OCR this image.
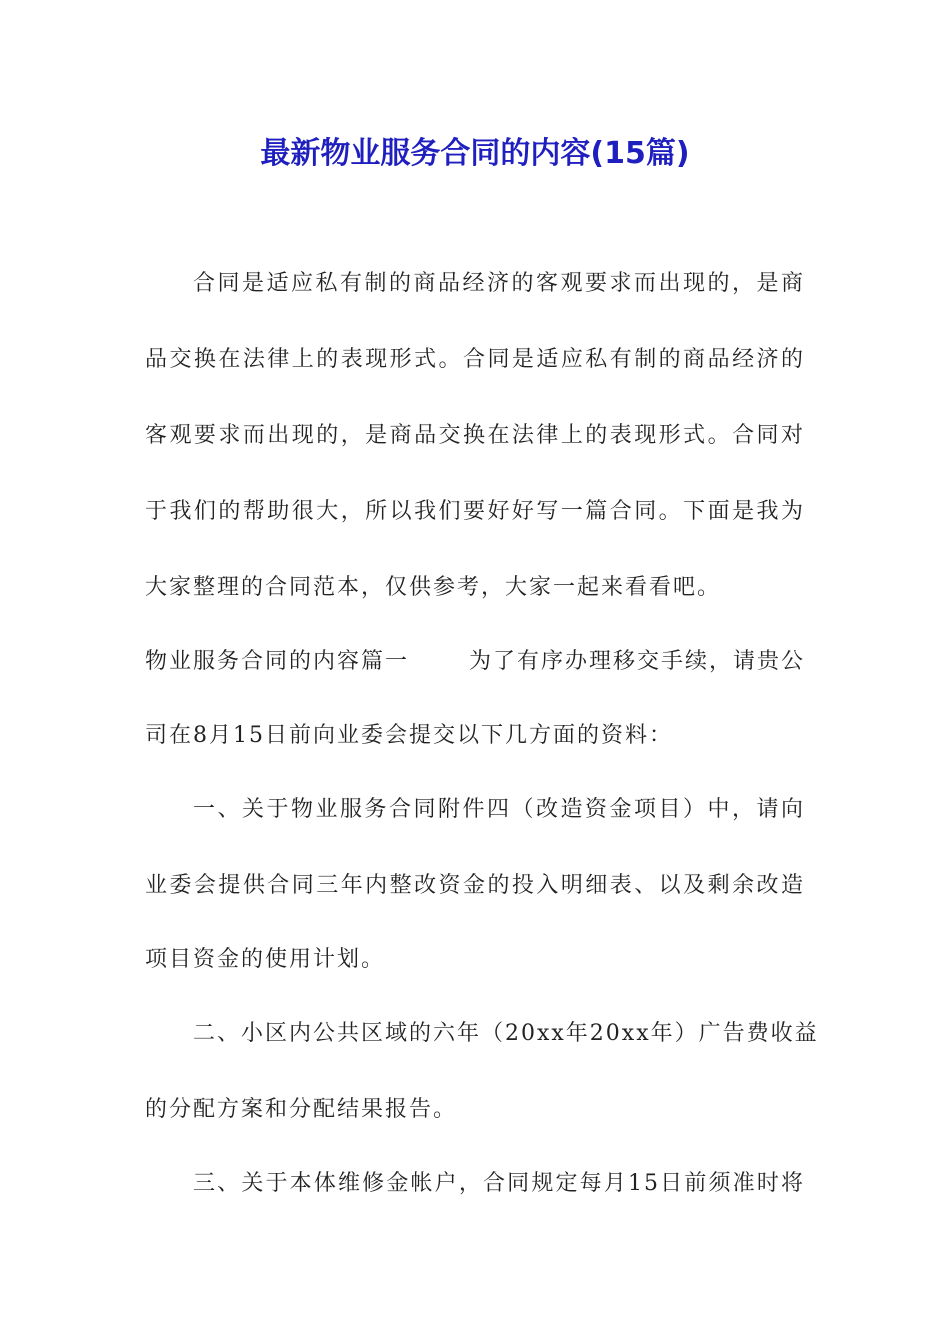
最新物业服务合同的内容(15篇)
合同是适应私有制的商品经济的客观要求而出现的，是商
品交换在法律上的表现形式。合同是适应私有制的商品经济的
客观要求而出现的，是商品交换在法律上的表现形式。合同对
于我们的帮助很大，所以我们要好好写一篇合同。下面是我为
大家整理的合同范本，仅供参考，大家一起来看看吧。
物业服务合同的内容篇一	为了有序办理移交手续，请贵公
司在8月15日前向业委会提交以下几方面的资料：
一、关于物业服务合同附件四（改造资金项目）中，请向
业委会提供合同三年内整改资金的投入明细表、以及剩余改造
项目资金的使用计划。
二、小区内公共区域的六年（20xx年20xx年）广告费收益
的分配方案和分配结果报告。
三、关于本体维修金帐户，合同规定每月15日前须准时将
